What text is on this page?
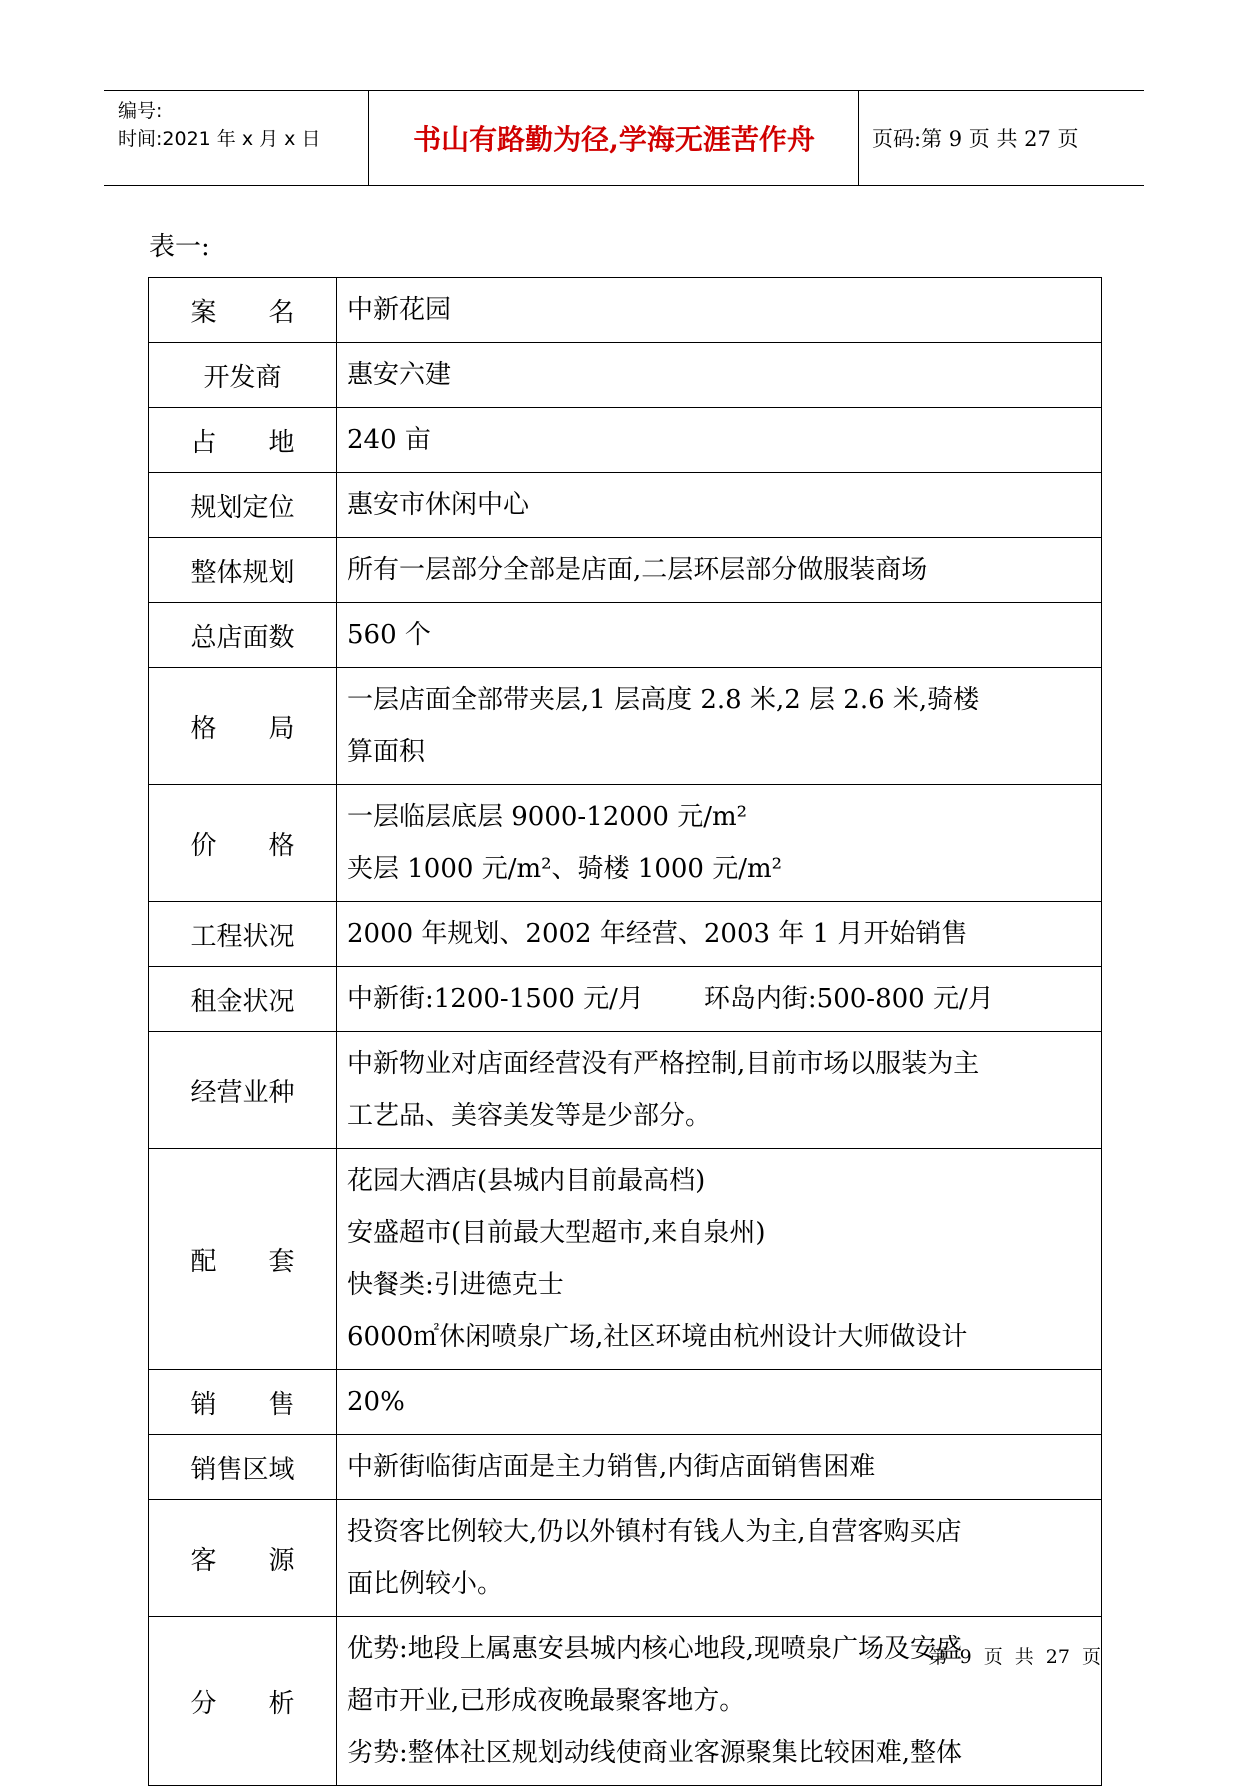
编号:
时间:2021 年 x 月 x 日	书山有路勤为径,学海无涯苦作舟	页码:第 9 页 共 27 页
表一:
案名	中新花园

开发商	惠安六建

占地	240 亩

规划定位	惠安市休闲中心

整体规划	所有一层部分全部是店面,二层环层部分做服装商场

总店面数	560 个

格局	一层店面全部带夹层,1 层高度 2.8 米,2 层 2.6 米,骑楼
算面积

价格	一层临层底层 9000-12000 元/m²
夹层 1000 元/m²、骑楼 1000 元/m²

工程状况	2000 年规划、2002 年经营、2003 年 1 月开始销售

租金状况	中新街:1200-1500 元/月 环岛内街:500-800 元/月
经营业种	中新物业对店面经营没有严格控制,目前市场以服装为主
工艺品、美容美发等是少部分。

配套	花园大酒店(县城内目前最高档)
安盛超市(目前最大型超市,来自泉州)
快餐类:引进德克士
6000㎡休闲喷泉广场,社区环境由杭州设计大师做设计

销售	20%

销售区域	中新街临街店面是主力销售,内街店面销售困难

客源	投资客比例较大,仍以外镇村有钱人为主,自营客购买店
面比例较小。

分析	优势:地段上属惠安县城内核心地段,现喷泉广场及安盛
超市开业,已形成夜晚最聚客地方。
劣势:整体社区规划动线使商业客源聚集比较困难,整体
第 9 页 共 27 页
